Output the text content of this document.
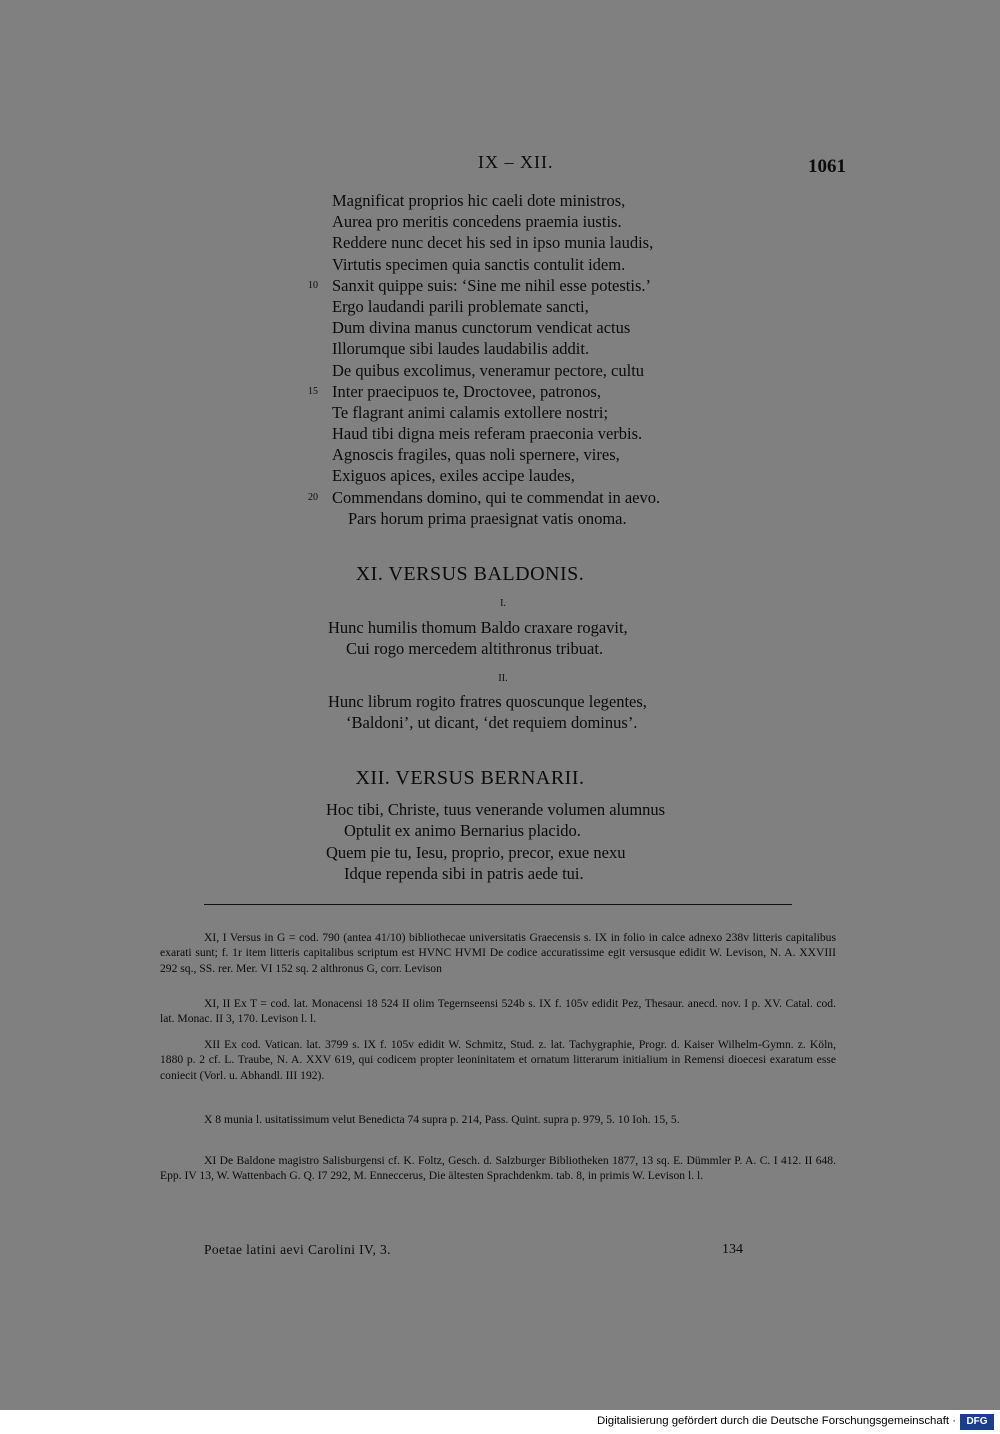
IX – XII.	1061
Magnificat proprios hic caeli dote ministros,
Aurea pro meritis concedens praemia iustis.
Reddere nunc decet his sed in ipso munia laudis,
Virtutis specimen quia sanctis contulit idem.
Sanxit quippe suis: ‘Sine me nihil esse potestis.’
10
Ergo laudandi parili problemate sancti,
Dum divina manus cunctorum vendicat actus
Illorumque sibi laudes laudabilis addit.
De quibus excolimus, veneramur pectore, cultu
Inter praecipuos te, Droctovee, patronos,
15
Te flagrant animi calamis extollere nostri;
Haud tibi digna meis referam praeconia verbis.
Agnoscis fragiles, quas noli spernere, vires,
Exiguos apices, exiles accipe laudes,
Commendans domino, qui te commendat in aevo.
20
Pars horum prima praesignat vatis onoma.
XI. VERSUS BALDONIS.
I.
Hunc humilis thomum Baldo craxare rogavit,
Cui rogo mercedem altithronus tribuat.
II.
Hunc librum rogito fratres quoscunque legentes,
‘Baldoni’, ut dicant, ‘det requiem dominus’.
XII. VERSUS BERNARII.
Hoc tibi, Christe, tuus venerande volumen alumnus
Optulit ex animo Bernarius placido.
Quem pie tu, Iesu, proprio, precor, exue nexu
Idque rependa sibi in patris aede tui.

XI, I Versus in G = cod. 790 (antea 41/10) bibliothecae universitatis Graecensis s. IX in folio in calce adnexo 238v litteris capitalibus exarati sunt; f. 1r item litteris capitalibus scriptum est HVNC HVMI De codice accuratissime egit versusque edidit W. Levison, N. A. XXVIII 292 sq., SS. rer. Mer. VI 152 sq. 2 althronus G, corr. Levison

XI, II Ex T = cod. lat. Monacensi 18 524 II olim Tegernseensi 524b s. IX f. 105v edidit Pez, Thesaur. anecd. nov. I p. XV. Catal. cod. lat. Monac. II 3, 170. Levison l. l.

XII Ex cod. Vatican. lat. 3799 s. IX f. 105v edidit W. Schmitz, Stud. z. lat. Tachygraphie, Progr. d. Kaiser Wilhelm-Gymn. z. Köln, 1880 p. 2 cf. L. Traube, N. A. XXV 619, qui codicem propter leoninitatem et ornatum litterarum initialium in Remensi dioecesi exaratum esse coniecit (Vorl. u. Abhandl. III 192).

X 8 munia l. usitatissimum velut Benedicta 74 supra p. 214, Pass. Quint. supra p. 979, 5. 10 Ioh. 15, 5.

XI De Baldone magistro Salisburgensi cf. K. Foltz, Gesch. d. Salzburger Bibliotheken 1877, 13 sq. E. Dümmler P. A. C. I 412. II 648. Epp. IV 13, W. Wattenbach G. Q. I7 292, M. Enneccerus, Die ältesten Sprachdenkm. tab. 8, in primis W. Levison l. l.

Poetae latini aevi Carolini IV, 3.	134
Digitalisierung gefördert durch die Deutsche Forschungsgemeinschaft ·	DFG
